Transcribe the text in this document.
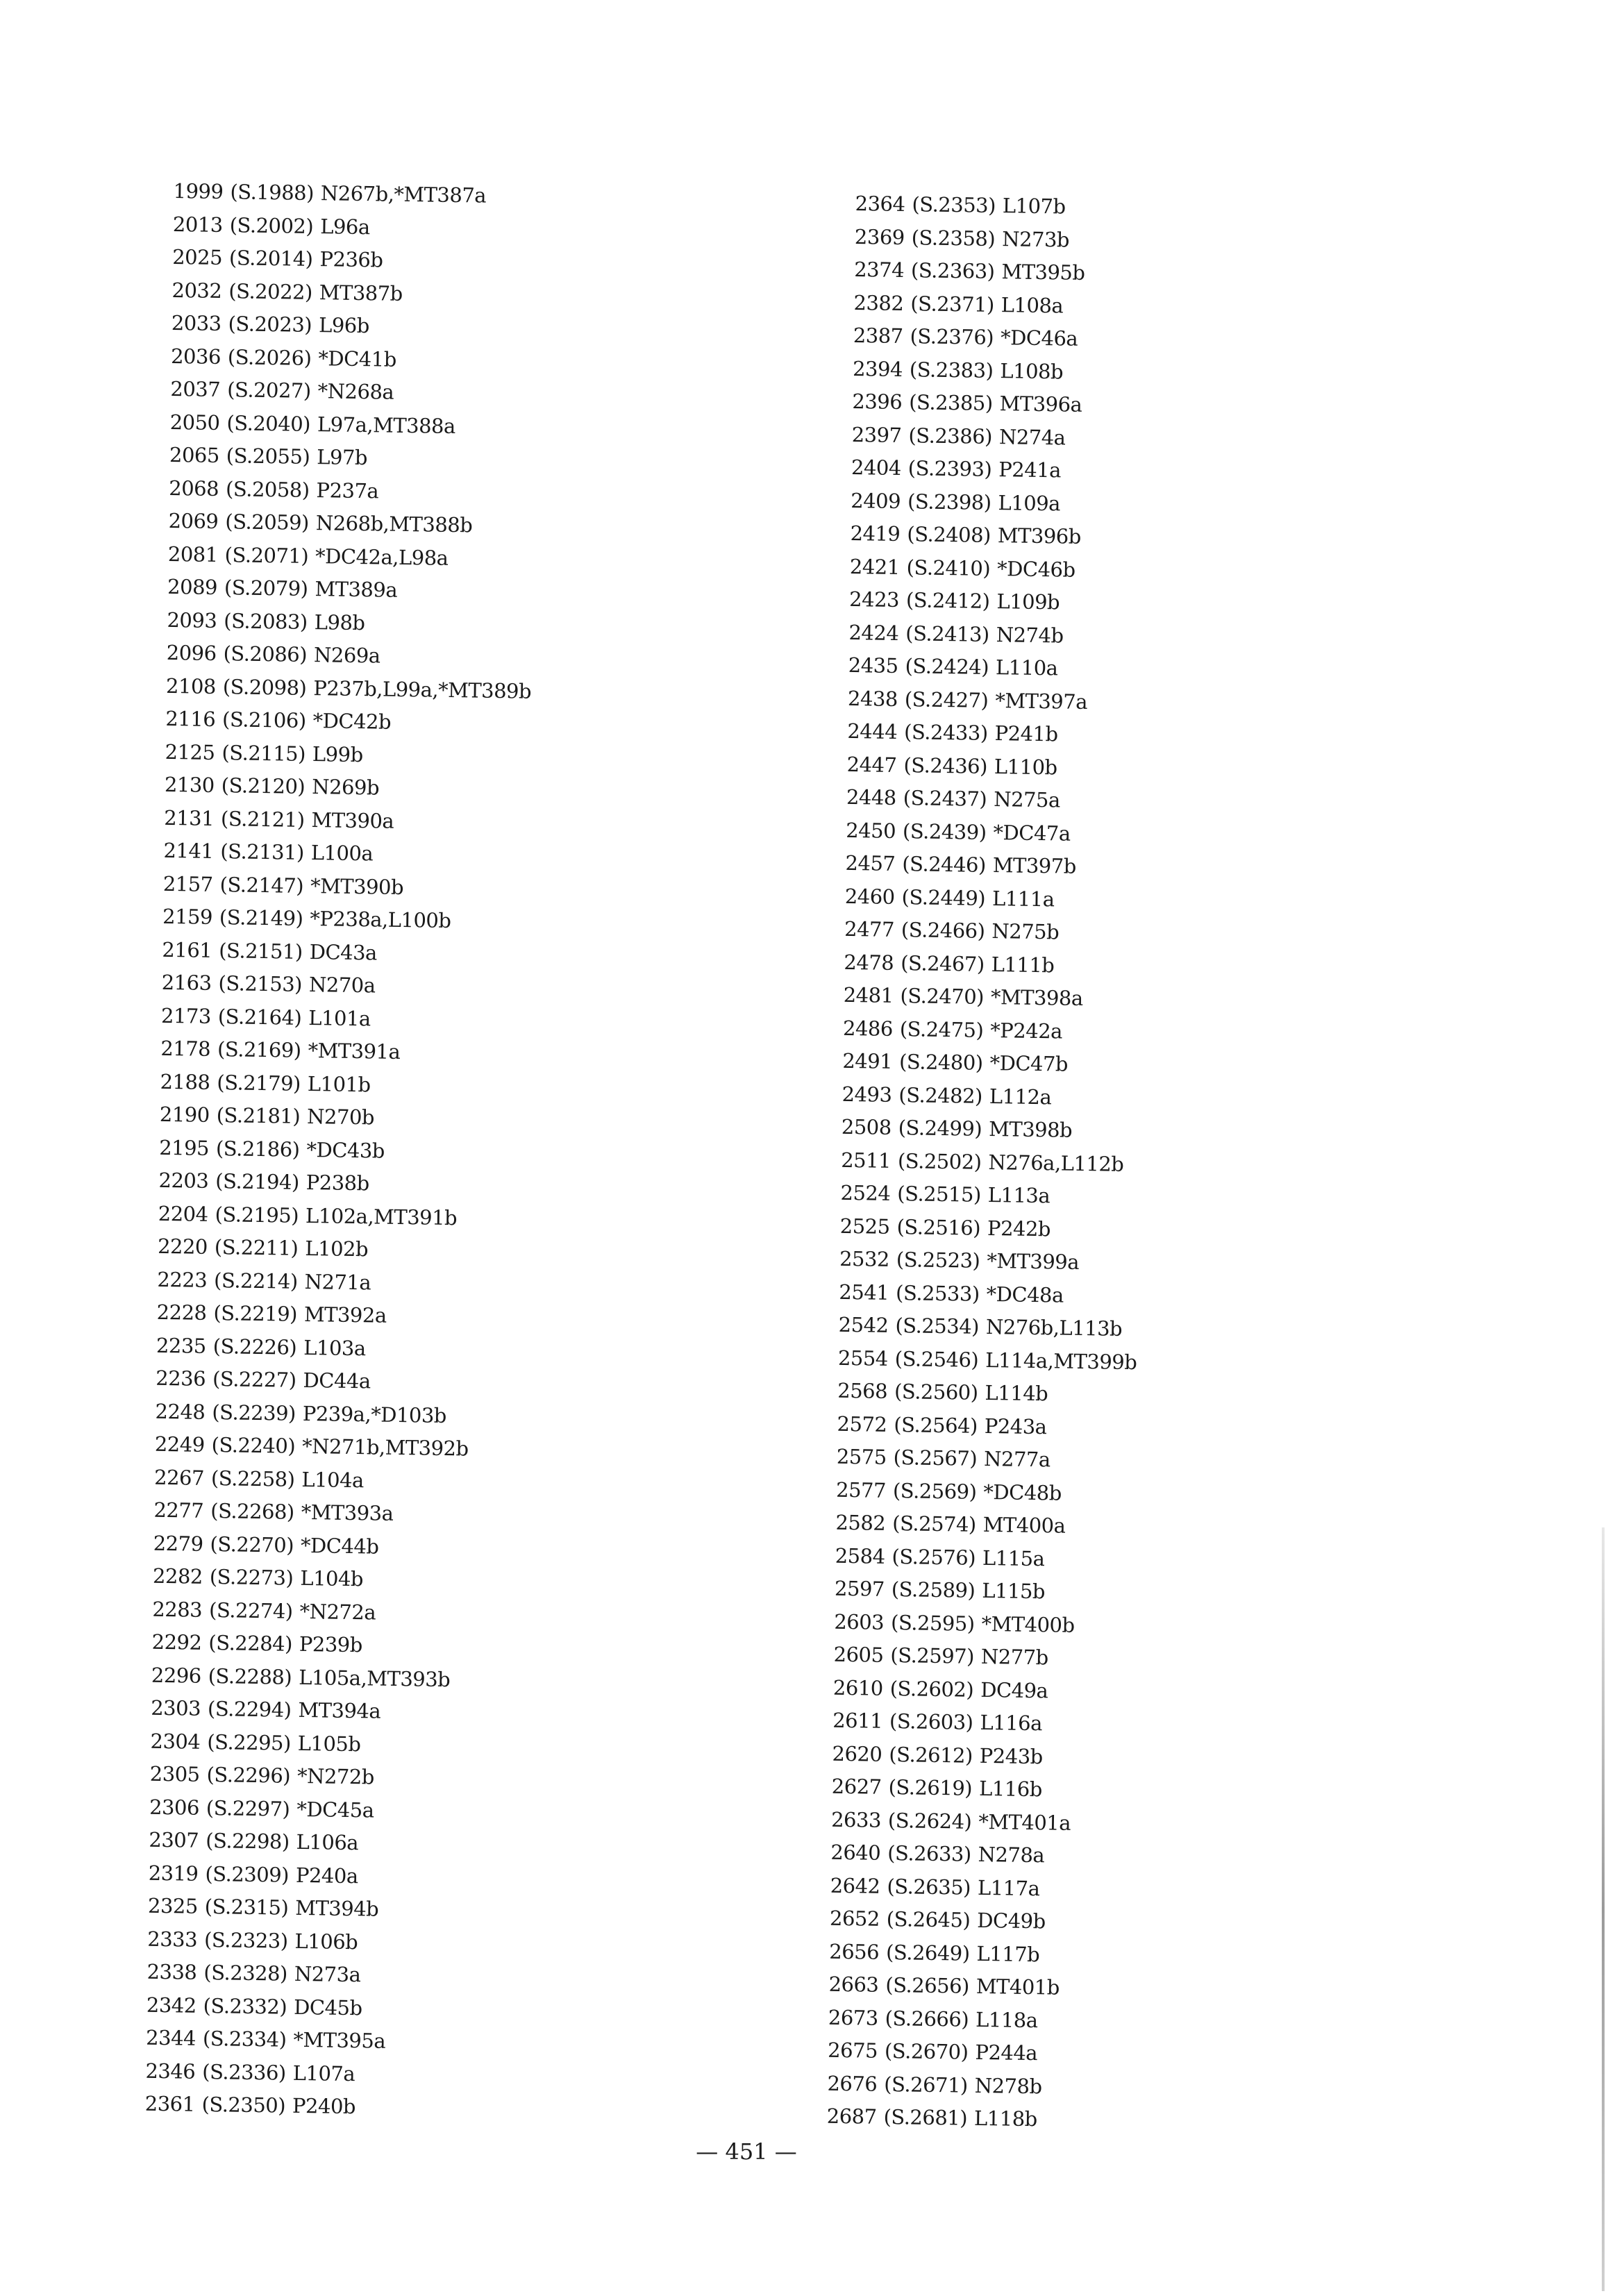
1999 (S.1988) N267b,*MT387a
2013 (S.2002) L96a
2025 (S.2014) P236b
2032 (S.2022) MT387b
2033 (S.2023) L96b
2036 (S.2026) *DC41b
2037 (S.2027) *N268a
2050 (S.2040) L97a,MT388a
2065 (S.2055) L97b
2068 (S.2058) P237a
2069 (S.2059) N268b,MT388b
2081 (S.2071) *DC42a,L98a
2089 (S.2079) MT389a
2093 (S.2083) L98b
2096 (S.2086) N269a
2108 (S.2098) P237b,L99a,*MT389b
2116 (S.2106) *DC42b
2125 (S.2115) L99b
2130 (S.2120) N269b
2131 (S.2121) MT390a
2141 (S.2131) L100a
2157 (S.2147) *MT390b
2159 (S.2149) *P238a,L100b
2161 (S.2151) DC43a
2163 (S.2153) N270a
2173 (S.2164) L101a
2178 (S.2169) *MT391a
2188 (S.2179) L101b
2190 (S.2181) N270b
2195 (S.2186) *DC43b
2203 (S.2194) P238b
2204 (S.2195) L102a,MT391b
2220 (S.2211) L102b
2223 (S.2214) N271a
2228 (S.2219) MT392a
2235 (S.2226) L103a
2236 (S.2227) DC44a
2248 (S.2239) P239a,*D103b
2249 (S.2240) *N271b,MT392b
2267 (S.2258) L104a
2277 (S.2268) *MT393a
2279 (S.2270) *DC44b
2282 (S.2273) L104b
2283 (S.2274) *N272a
2292 (S.2284) P239b
2296 (S.2288) L105a,MT393b
2303 (S.2294) MT394a
2304 (S.2295) L105b
2305 (S.2296) *N272b
2306 (S.2297) *DC45a
2307 (S.2298) L106a
2319 (S.2309) P240a
2325 (S.2315) MT394b
2333 (S.2323) L106b
2338 (S.2328) N273a
2342 (S.2332) DC45b
2344 (S.2334) *MT395a
2346 (S.2336) L107a
2361 (S.2350) P240b
2364 (S.2353) L107b
2369 (S.2358) N273b
2374 (S.2363) MT395b
2382 (S.2371) L108a
2387 (S.2376) *DC46a
2394 (S.2383) L108b
2396 (S.2385) MT396a
2397 (S.2386) N274a
2404 (S.2393) P241a
2409 (S.2398) L109a
2419 (S.2408) MT396b
2421 (S.2410) *DC46b
2423 (S.2412) L109b
2424 (S.2413) N274b
2435 (S.2424) L110a
2438 (S.2427) *MT397a
2444 (S.2433) P241b
2447 (S.2436) L110b
2448 (S.2437) N275a
2450 (S.2439) *DC47a
2457 (S.2446) MT397b
2460 (S.2449) L111a
2477 (S.2466) N275b
2478 (S.2467) L111b
2481 (S.2470) *MT398a
2486 (S.2475) *P242a
2491 (S.2480) *DC47b
2493 (S.2482) L112a
2508 (S.2499) MT398b
2511 (S.2502) N276a,L112b
2524 (S.2515) L113a
2525 (S.2516) P242b
2532 (S.2523) *MT399a
2541 (S.2533) *DC48a
2542 (S.2534) N276b,L113b
2554 (S.2546) L114a,MT399b
2568 (S.2560) L114b
2572 (S.2564) P243a
2575 (S.2567) N277a
2577 (S.2569) *DC48b
2582 (S.2574) MT400a
2584 (S.2576) L115a
2597 (S.2589) L115b
2603 (S.2595) *MT400b
2605 (S.2597) N277b
2610 (S.2602) DC49a
2611 (S.2603) L116a
2620 (S.2612) P243b
2627 (S.2619) L116b
2633 (S.2624) *MT401a
2640 (S.2633) N278a
2642 (S.2635) L117a
2652 (S.2645) DC49b
2656 (S.2649) L117b
2663 (S.2656) MT401b
2673 (S.2666) L118a
2675 (S.2670) P244a
2676 (S.2671) N278b
2687 (S.2681) L118b
— 451 —
